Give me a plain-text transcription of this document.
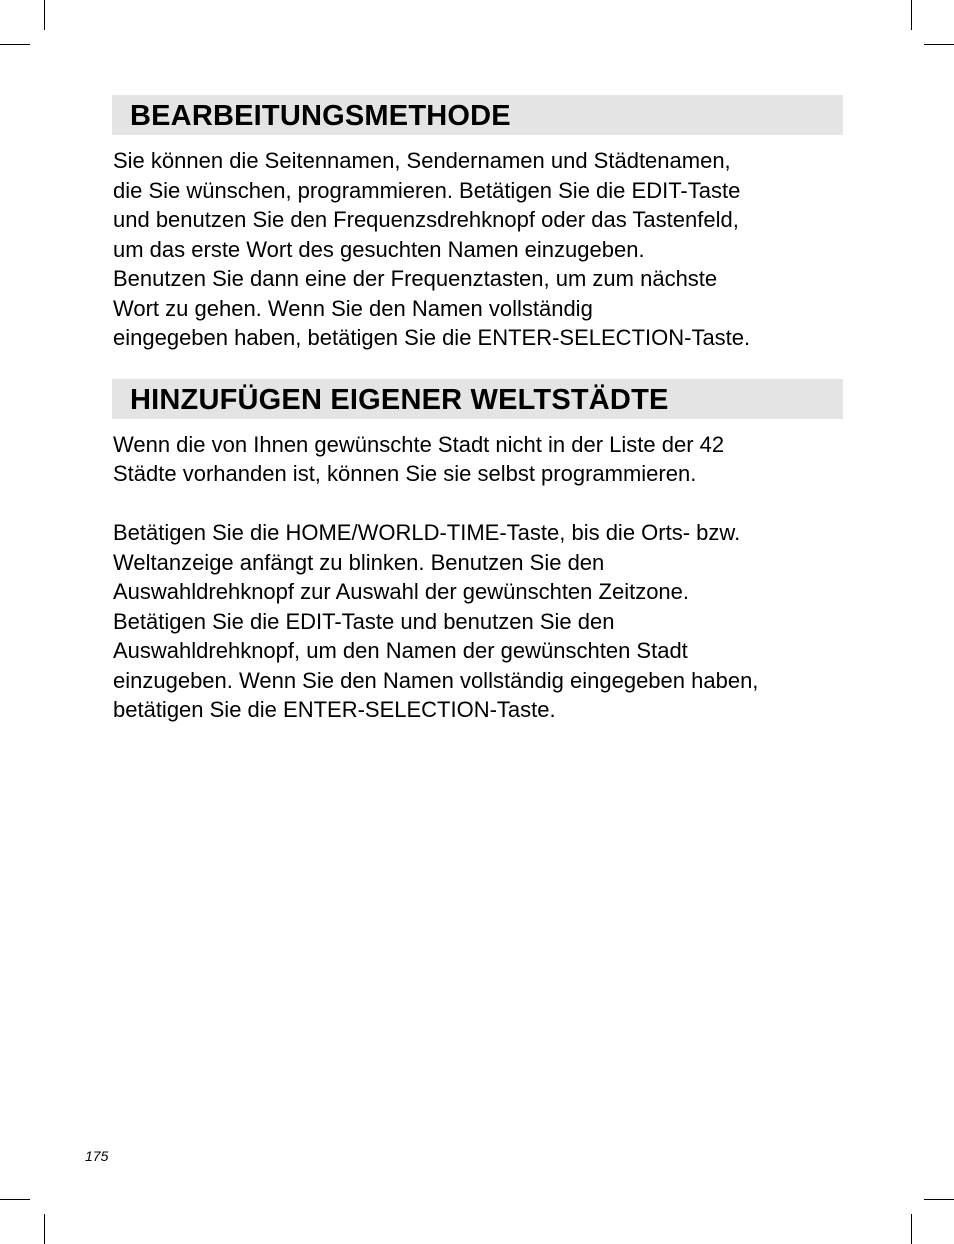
BEARBEITUNGSMETHODE

Sie können die Seitennamen, Sendernamen und Städtenamen,
die Sie wünschen, programmieren. Betätigen Sie die EDIT-Taste
und benutzen Sie den Frequenzsdrehknopf oder das Tastenfeld,
um das erste Wort des gesuchten Namen einzugeben.
Benutzen Sie dann eine der Frequenztasten, um zum nächste
Wort zu gehen. Wenn Sie den Namen vollständig
eingegeben haben, betätigen Sie die ENTER-SELECTION-Taste.

HINZUFÜGEN EIGENER WELTSTÄDTE

Wenn die von Ihnen gewünschte Stadt nicht in der Liste der 42
Städte vorhanden ist, können Sie sie selbst programmieren.

Betätigen Sie die HOME/WORLD-TIME-Taste, bis die Orts- bzw.
Weltanzeige anfängt zu blinken. Benutzen Sie den
Auswahldrehknopf zur Auswahl der gewünschten Zeitzone.
Betätigen Sie die EDIT-Taste und benutzen Sie den
Auswahldrehknopf, um den Namen der gewünschten Stadt
einzugeben. Wenn Sie den Namen vollständig eingegeben haben,
betätigen Sie die ENTER-SELECTION-Taste.

175
